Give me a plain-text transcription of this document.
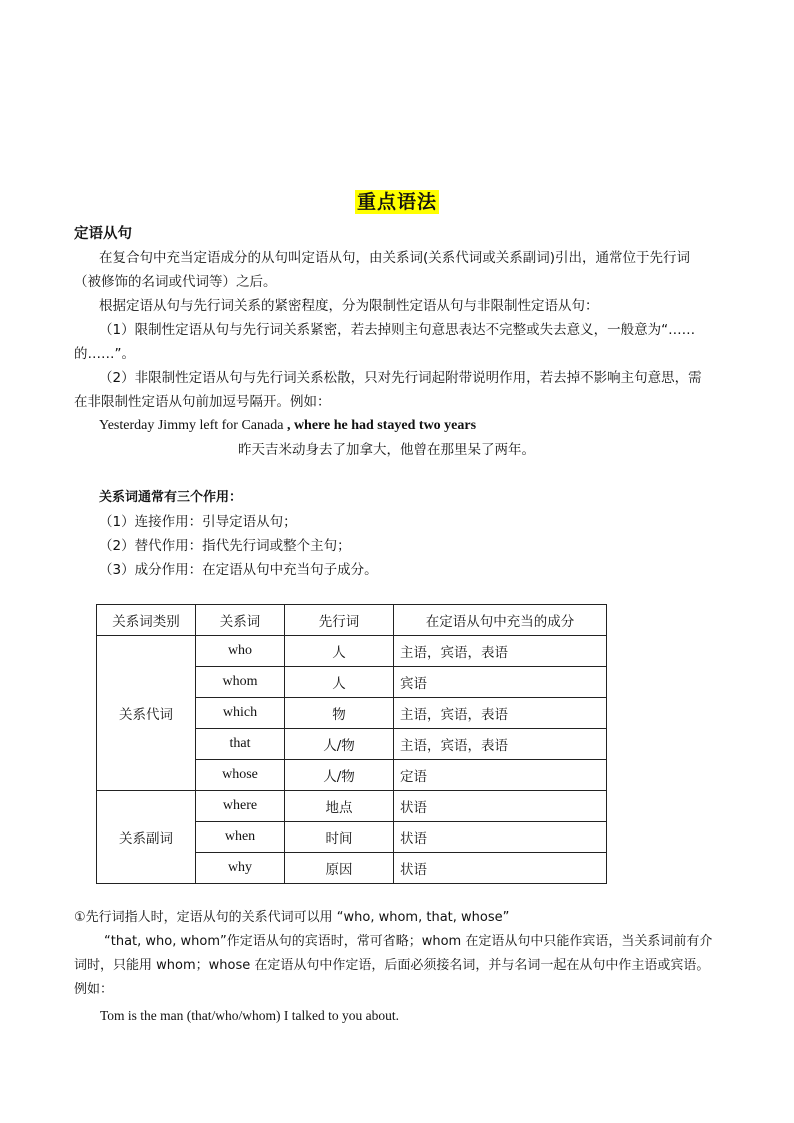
重点语法
定语从句
在复合句中充当定语成分的从句叫定语从句，由关系词(关系代词或关系副词)引出，通常位于先行词
（被修饰的名词或代词等）之后。
根据定语从句与先行词关系的紧密程度，分为限制性定语从句与非限制性定语从句：
（1）限制性定语从句与先行词关系紧密，若去掉则主句意思表达不完整或失去意义，一般意为“……
的……”。
（2）非限制性定语从句与先行词关系松散，只对先行词起附带说明作用，若去掉不影响主句意思，需
在非限制性定语从句前加逗号隔开。例如：
Yesterday Jimmy left for Canada , where he had stayed two years
昨天吉米动身去了加拿大，他曾在那里呆了两年。
关系词通常有三个作用：
（1）连接作用：引导定语从句；
（2）替代作用：指代先行词或整个主句；
（3）成分作用：在定语从句中充当句子成分。
关系词类别	关系词	先行词	在定语从句中充当的成分
关系代词	who	人	主语，宾语，表语
	whom	人	宾语
	which	物	主语，宾语，表语
	that	人/物	主语，宾语，表语
	whose	人/物	定语
关系副词	where	地点	状语
	when	时间	状语
	why	原因	状语
①先行词指人时，定语从句的关系代词可以用 “who, whom, that, whose”
“that, who, whom”作定语从句的宾语时，常可省略；whom 在定语从句中只能作宾语，当关系词前有介
词时，只能用 whom；whose 在定语从句中作定语，后面必须接名词，并与名词一起在从句中作主语或宾语。
例如：
Tom is the man (that/who/whom) I talked to you about.
